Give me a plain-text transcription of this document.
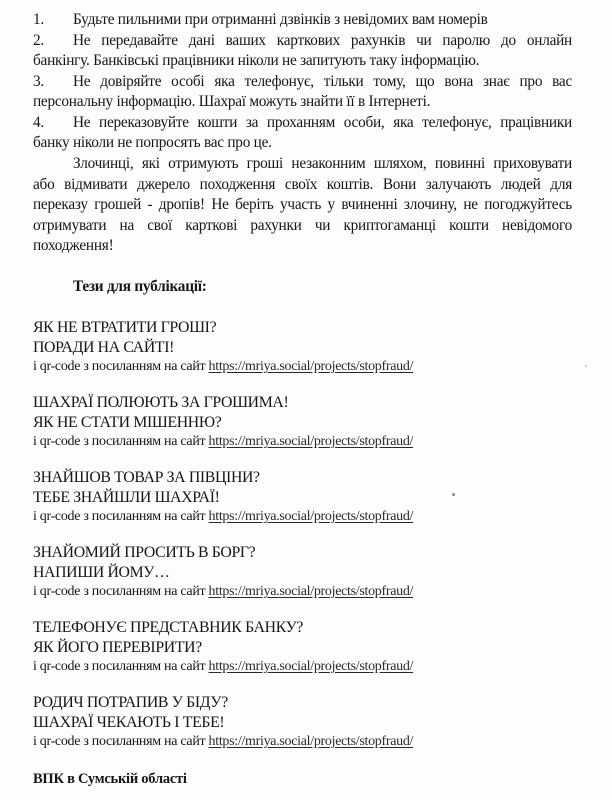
1. Будьте пильними при отриманні дзвінків з невідомих вам номерів
2. Не передавайте дані ваших карткових рахунків чи паролю до онлайн
банкінгу. Банківські працівники ніколи не запитують таку інформацію.
3. Не довіряйте особі яка телефонує, тільки тому, що вона знає про вас
персональну інформацію. Шахраї можуть знайти її в Інтернеті.
4. Не переказовуйте кошти за проханням особи, яка телефонує, працівники
банку ніколи не попросять вас про це.
Злочинці, які отримують гроші незаконним шляхом, повинні приховувати
або відмивати джерело походження своїх коштів. Вони залучають людей для
переказу грошей - дропів! Не беріть участь у вчиненні злочину, не погоджуйтесь
отримувати на свої карткові рахунки чи криптогаманці кошти невідомого
походження!
Тези для публікації:
ЯК НЕ ВТРАТИТИ ГРОШІ?
ПОРАДИ НА САЙТІ!
і qr-code з посиланням на сайт https://mriya.social/projects/stopfraud/
ШАХРАЇ ПОЛЮЮТЬ ЗА ГРОШИМА!
ЯК НЕ СТАТИ МІШЕННЮ?
і qr-code з посиланням на сайт https://mriya.social/projects/stopfraud/
ЗНАЙШОВ ТОВАР ЗА ПІВЦІНИ?
ТЕБЕ ЗНАЙШЛИ ШАХРАЇ!
і qr-code з посиланням на сайт https://mriya.social/projects/stopfraud/
ЗНАЙОМИЙ ПРОСИТЬ В БОРГ?
НАПИШИ ЙОМУ…
і qr-code з посиланням на сайт https://mriya.social/projects/stopfraud/
ТЕЛЕФОНУЄ ПРЕДСТАВНИК БАНКУ?
ЯК ЙОГО ПЕРЕВІРИТИ?
і qr-code з посиланням на сайт https://mriya.social/projects/stopfraud/
РОДИЧ ПОТРАПИВ У БІДУ?
ШАХРАЇ ЧЕКАЮТЬ І ТЕБЕ!
і qr-code з посиланням на сайт https://mriya.social/projects/stopfraud/
ВПК в Сумській області
